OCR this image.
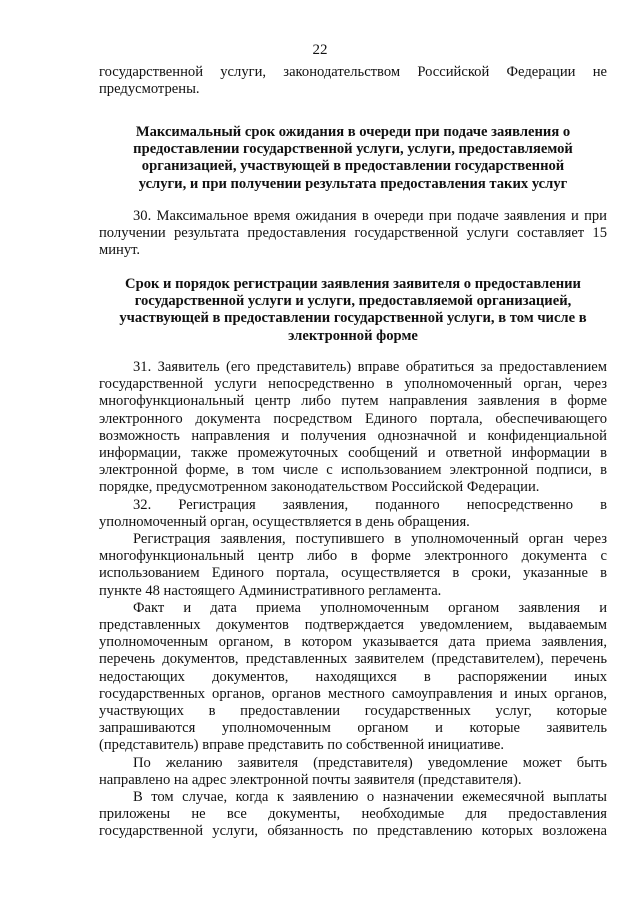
22
государственной услуги, законодательством Российской Федерации не
предусмотрены.
Максимальный срок ожидания в очереди при подаче заявления о
предоставлении государственной услуги, услуги, предоставляемой
организацией, участвующей в предоставлении государственной
услуги, и при получении результата предоставления таких услуг
30. Максимальное время ожидания в очереди при подаче заявления и при
получении результата предоставления государственной услуги составляет 15
минут.
Срок и порядок регистрации заявления заявителя о предоставлении
государственной услуги и услуги, предоставляемой организацией,
участвующей в предоставлении государственной услуги, в том числе в
электронной форме
31. Заявитель (его представитель) вправе обратиться за предоставлением
государственной услуги непосредственно в уполномоченный орган, через
многофункциональный центр либо путем направления заявления в форме
электронного документа посредством Единого портала, обеспечивающего
возможность направления и получения однозначной и конфиденциальной
информации, также промежуточных сообщений и ответной информации в
электронной форме, в том числе с использованием электронной подписи, в
порядке, предусмотренном законодательством Российской Федерации.
32. Регистрация заявления, поданного непосредственно в
уполномоченный орган, осуществляется в день обращения.
Регистрация заявления, поступившего в уполномоченный орган через
многофункциональный центр либо в форме электронного документа с
использованием Единого портала, осуществляется в сроки, указанные в
пункте 48 настоящего Административного регламента.
Факт и дата приема уполномоченным органом заявления и
представленных документов подтверждается уведомлением, выдаваемым
уполномоченным органом, в котором указывается дата приема заявления,
перечень документов, представленных заявителем (представителем), перечень
недостающих документов, находящихся в распоряжении иных
государственных органов, органов местного самоуправления и иных органов,
участвующих в предоставлении государственных услуг, которые
запрашиваются уполномоченным органом и которые заявитель
(представитель) вправе представить по собственной инициативе.
По желанию заявителя (представителя) уведомление может быть
направлено на адрес электронной почты заявителя (представителя).
В том случае, когда к заявлению о назначении ежемесячной выплаты
приложены не все документы, необходимые для предоставления
государственной услуги, обязанность по представлению которых возложена
